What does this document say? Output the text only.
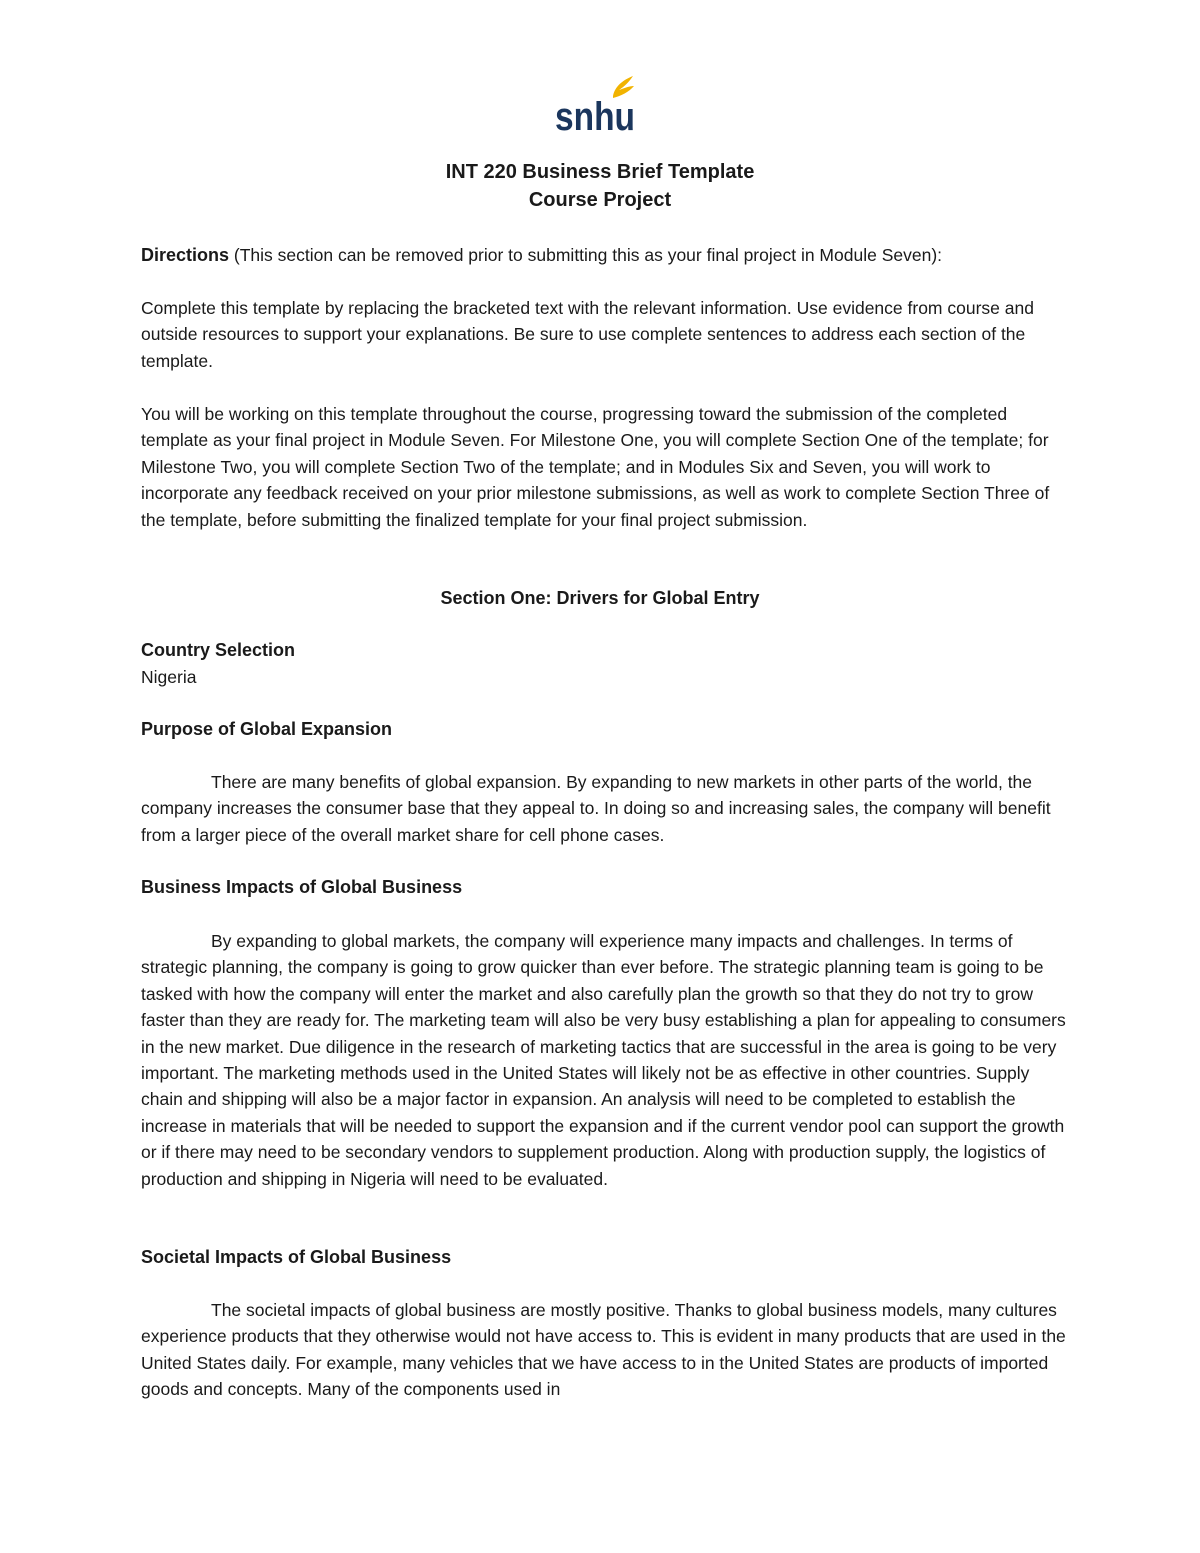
snhu
INT 220 Business Brief Template
Course Project
Directions (This section can be removed prior to submitting this as your final project in Module Seven):
Complete this template by replacing the bracketed text with the relevant information. Use evidence from course and outside resources to support your explanations. Be sure to use complete sentences to address each section of the template.
You will be working on this template throughout the course, progressing toward the submission of the completed template as your final project in Module Seven. For Milestone One, you will complete Section One of the template; for Milestone Two, you will complete Section Two of the template; and in Modules Six and Seven, you will work to incorporate any feedback received on your prior milestone submissions, as well as work to complete Section Three of the template, before submitting the finalized template for your final project submission.
Section One: Drivers for Global Entry
Country Selection
Nigeria
Purpose of Global Expansion
There are many benefits of global expansion. By expanding to new markets in other parts of the world, the company increases the consumer base that they appeal to. In doing so and increasing sales, the company will benefit from a larger piece of the overall market share for cell phone cases.
Business Impacts of Global Business
By expanding to global markets, the company will experience many impacts and challenges. In terms of strategic planning, the company is going to grow quicker than ever before. The strategic planning team is going to be tasked with how the company will enter the market and also carefully plan the growth so that they do not try to grow faster than they are ready for. The marketing team will also be very busy establishing a plan for appealing to consumers in the new market. Due diligence in the research of marketing tactics that are successful in the area is going to be very important. The marketing methods used in the United States will likely not be as effective in other countries. Supply chain and shipping will also be a major factor in expansion. An analysis will need to be completed to establish the increase in materials that will be needed to support the expansion and if the current vendor pool can support the growth or if there may need to be secondary vendors to supplement production. Along with production supply, the logistics of production and shipping in Nigeria will need to be evaluated.
Societal Impacts of Global Business
The societal impacts of global business are mostly positive. Thanks to global business models, many cultures experience products that they otherwise would not have access to. This is evident in many products that are used in the United States daily. For example, many vehicles that we have access to in the United States are products of imported goods and concepts. Many of the components used in
